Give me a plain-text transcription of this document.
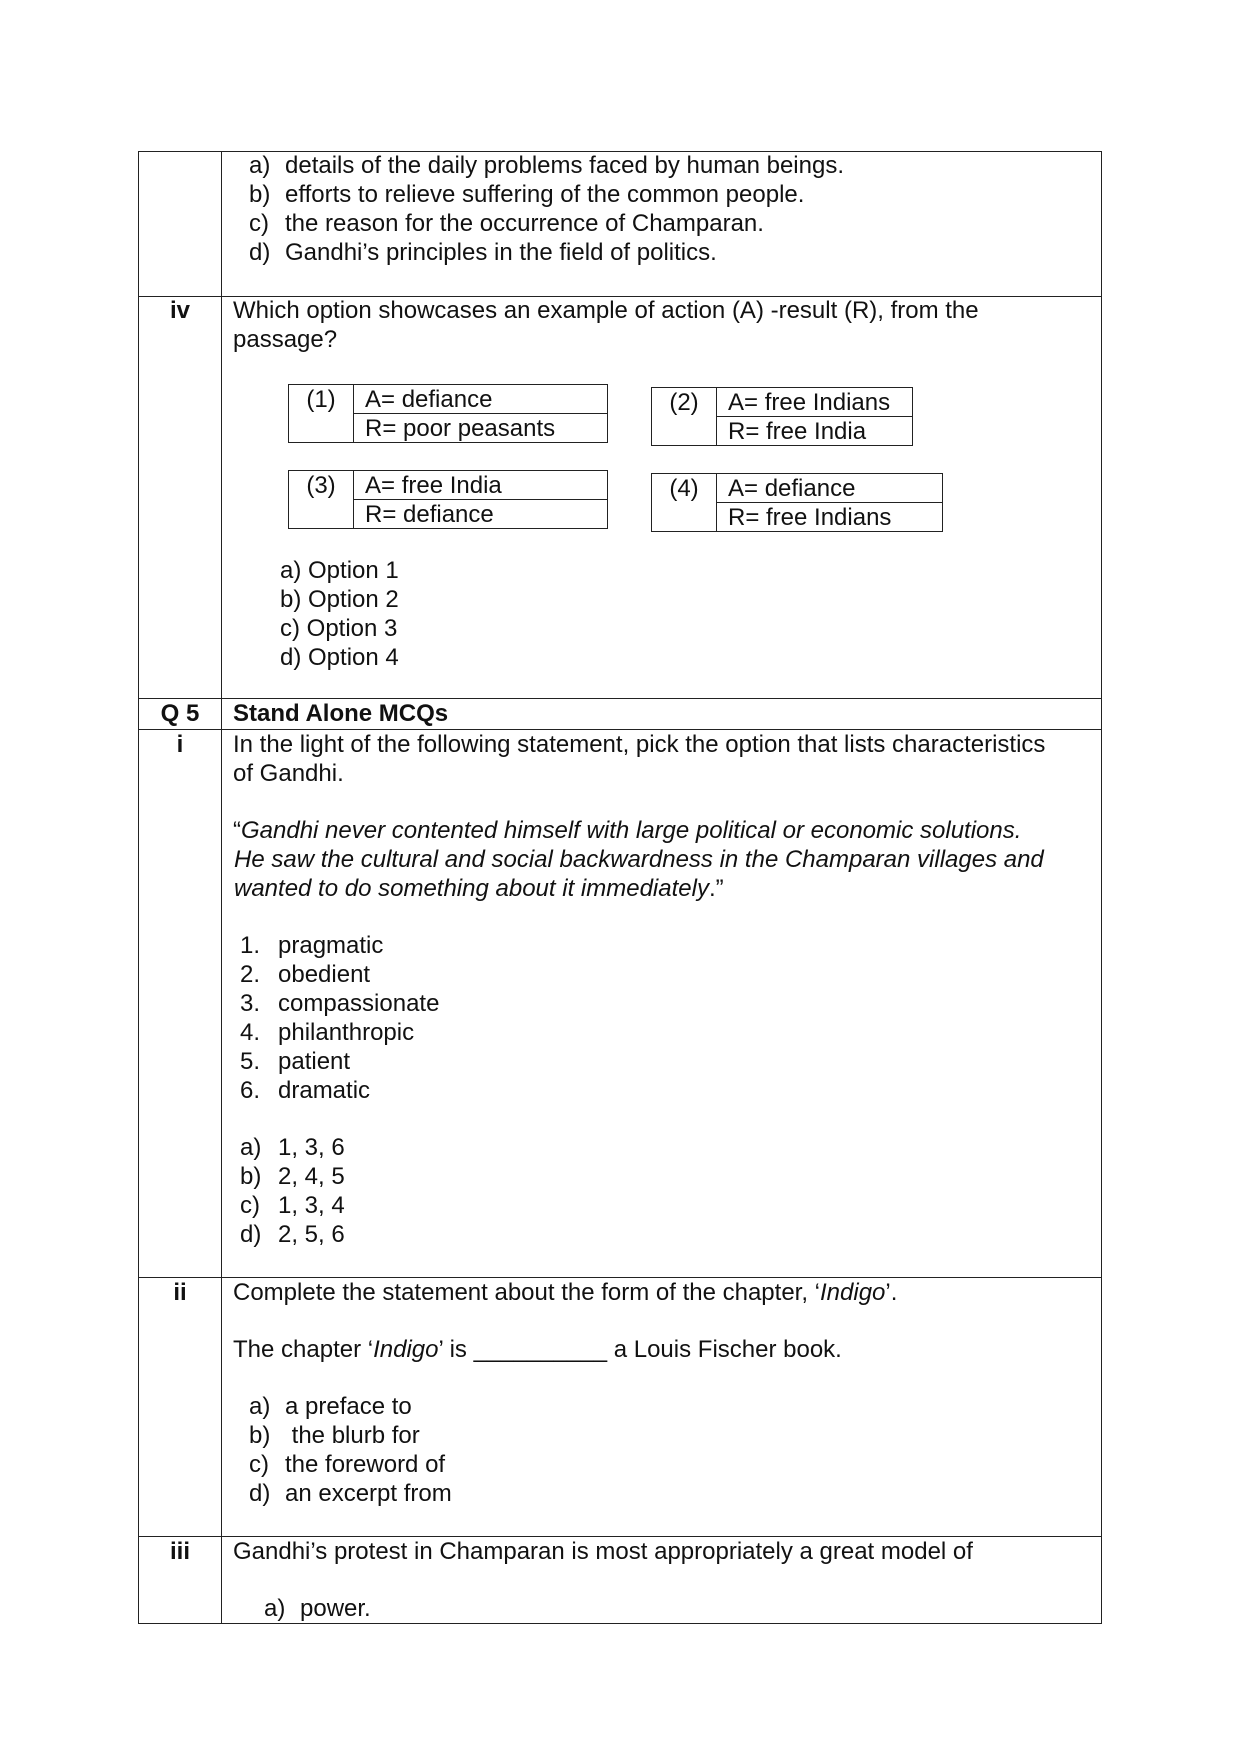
a) details of the daily problems faced by human beings.
b) efforts to relieve suffering of the common people.
c) the reason for the occurrence of Champaran.
d) Gandhi’s principles in the field of politics.
iv	Which option showcases an example of action (A) -result (R), from the
passage?
(1)	A= defiance
R= poor peasants
(2)	A= free Indians
R= free India
(3)	A= free India
R= defiance
(4)	A= defiance
R= free Indians
a) Option 1
b) Option 2
c) Option 3
d) Option 4
Q 5	Stand Alone MCQs
i	In the light of the following statement, pick the option that lists characteristics
of Gandhi.
“Gandhi never contented himself with large political or economic solutions.
He saw the cultural and social backwardness in the Champaran villages and
wanted to do something about it immediately.”
1. pragmatic
2. obedient
3. compassionate
4. philanthropic
5. patient
6. dramatic
a) 1, 3, 6
b) 2, 4, 5
c) 1, 3, 4
d) 2, 5, 6
ii	Complete the statement about the form of the chapter, ‘Indigo’.
The chapter ‘Indigo’ is __________ a Louis Fischer book.
a) a preface to
b) the blurb for
c) the foreword of
d) an excerpt from
iii	Gandhi’s protest in Champaran is most appropriately a great model of
a) power.
